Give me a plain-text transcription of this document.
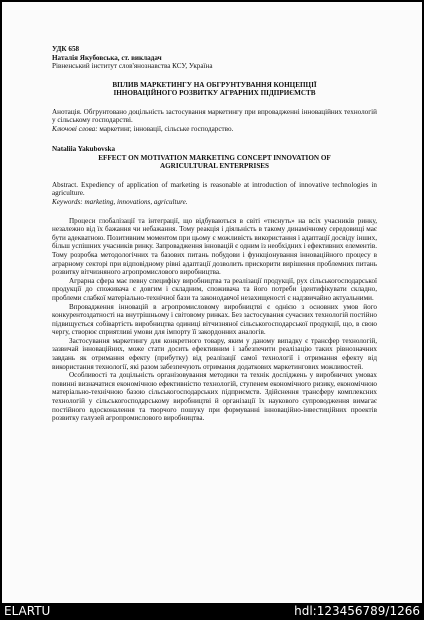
УДК 658
Наталія Якубовська, ст. викладач
Рівненський інститут слов'янознавства КСУ, Україна
ВПЛИВ МАРКЕТИНГУ НА ОБГРУНТУВАННЯ КОНЦЕПЦІЇ
ІННОВАЦІЙНОГО РОЗВИТКУ АГРАРНИХ ПІДПРИЄМСТВ
Анотація. Обгрунтовано доцільність застосування маркетингу при впровадженні інноваційних технологій у сільському господарстві.
Ключові слова: маркетинг, інновації, сільське господарство.
Nataliia Yakubovska
EFFECT ON MOTIVATION MARKETING CONCEPT INNOVATION OF
AGRICULTURAL ENTERPRISES
Abstract. Expediency of application of marketing is reasonable at introduction of innovative technologies in agriculture.
Keywords: marketing, innovations, agriculture.
Процеси глобалізації та інтеграції, що відбуваються в світі «тиснуть» на всіх учасників ринку, незалежно від їх бажання чи небажання. Тому реакція і діяльність в такому динамічному середовищі має бути адекватною. Позитивним моментом при цьому є можливість використання і адаптації досвіду інших, більш успішних учасників ринку. Запровадження інновацій є одним із необхідних і ефективних елементів. Тому розробка методологічних та базових питань побудови і функціонування інноваційного процесу в аграрному секторі при відповідному рівні адаптації дозволить прискорити вирішення проблемних питань розвитку вітчизняного агропромислового виробництва.
Аграрна сфера має певну специфіку виробництва та реалізації продукції, рух сільськогосподарської продукції до споживача є довгим і складним, споживача та його потреби ідентифікувати складно, проблеми слабкої матеріально-технічної бази та законодавчої незахищеності є надзвичайно актуальними.
Впровадження інновацій в агропромисловому виробництві є однією з основних умов його конкурентоздатності на внутрішньому і світовому ринках. Без застосування сучасних технологій постійно підвищується собівартість виробництва одиниці вітчизняної сільськогосподарської продукції, що, в свою чергу, створює сприятливі умови для імпорту її закордонних аналогів.
Застосування маркетингу для конкретного товару, яким у даному випадку є трансфер технологій, зазвичай інноваційних, може стати досить ефективним і забезпечити реалізацію таких рівнозначних завдань як отримання ефекту (прибутку) від реалізації самої технології і отримання ефекту від використання технології, які разом забезпечують отримання додаткових маркетингових можливостей.
Особливості та доцільність організовування методики та технік досліджень у виробничих умовах повинні визначатися економічною ефективністю технологій, ступенем економічного ризику, економічною матеріально-технічною базою сільськогосподарських підприємств. Здійснення трансферу комплексних технологій у сільськогосподарському виробництві й організації їх наукового супроводження вимагає постійного вдосконалення та творчого пошуку при формуванні інноваційно-інвестиційних проектів розвитку галузей агропромислового виробництва.
ELARTU	hdl:123456789/1266
